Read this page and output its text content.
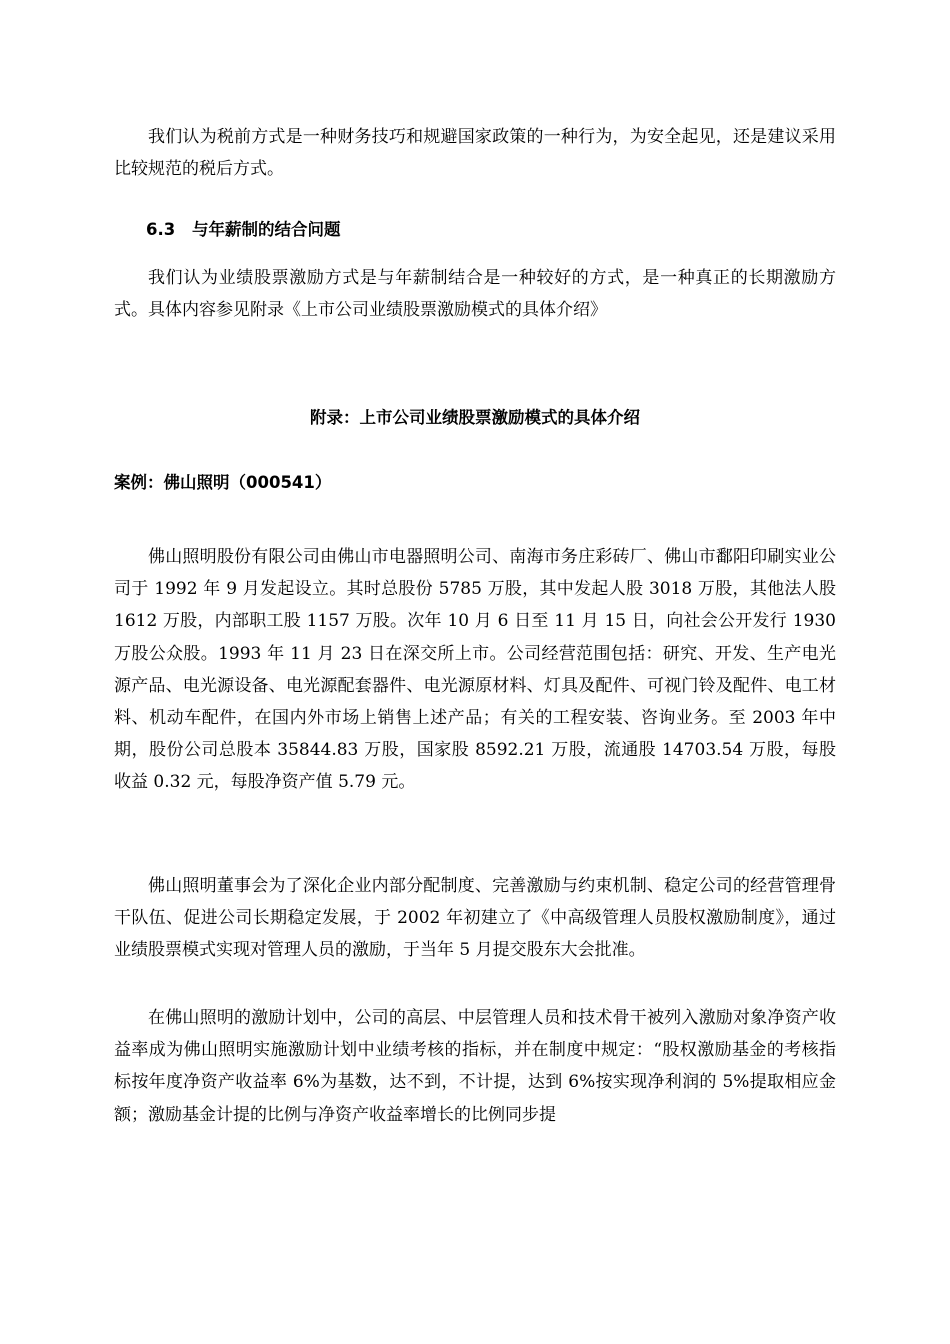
我们认为税前方式是一种财务技巧和规避国家政策的一种行为，为安全起见，还是建议采用比较规范的税后方式。

6.3 与年薪制的结合问题

我们认为业绩股票激励方式是与年薪制结合是一种较好的方式，是一种真正的长期激励方式。具体内容参见附录《上市公司业绩股票激励模式的具体介绍》

附录：上市公司业绩股票激励模式的具体介绍
案例：佛山照明（000541）

佛山照明股份有限公司由佛山市电器照明公司、南海市务庄彩砖厂、佛山市鄱阳印刷实业公司于 1992 年 9 月发起设立。其时总股份 5785 万股，其中发起人股 3018 万股，其他法人股 1612 万股，内部职工股 1157 万股。次年 10 月 6 日至 11 月 15 日，向社会公开发行 1930 万股公众股。1993 年 11 月 23 日在深交所上市。公司经营范围包括：研究、开发、生产电光源产品、电光源设备、电光源配套器件、电光源原材料、灯具及配件、可视门铃及配件、电工材料、机动车配件，在国内外市场上销售上述产品；有关的工程安装、咨询业务。至 2003 年中期，股份公司总股本 35844.83 万股，国家股 8592.21 万股，流通股 14703.54 万股，每股收益 0.32 元，每股净资产值 5.79 元。

佛山照明董事会为了深化企业内部分配制度、完善激励与约束机制、稳定公司的经营管理骨干队伍、促进公司长期稳定发展，于 2002 年初建立了《中高级管理人员股权激励制度》，通过业绩股票模式实现对管理人员的激励，于当年 5 月提交股东大会批准。

在佛山照明的激励计划中，公司的高层、中层管理人员和技术骨干被列入激励对象净资产收益率成为佛山照明实施激励计划中业绩考核的指标，并在制度中规定：“股权激励基金的考核指标按年度净资产收益率 6%为基数，达不到，不计提，达到 6%按实现净利润的 5%提取相应金额；激励基金计提的比例与净资产收益率增长的比例同步提
